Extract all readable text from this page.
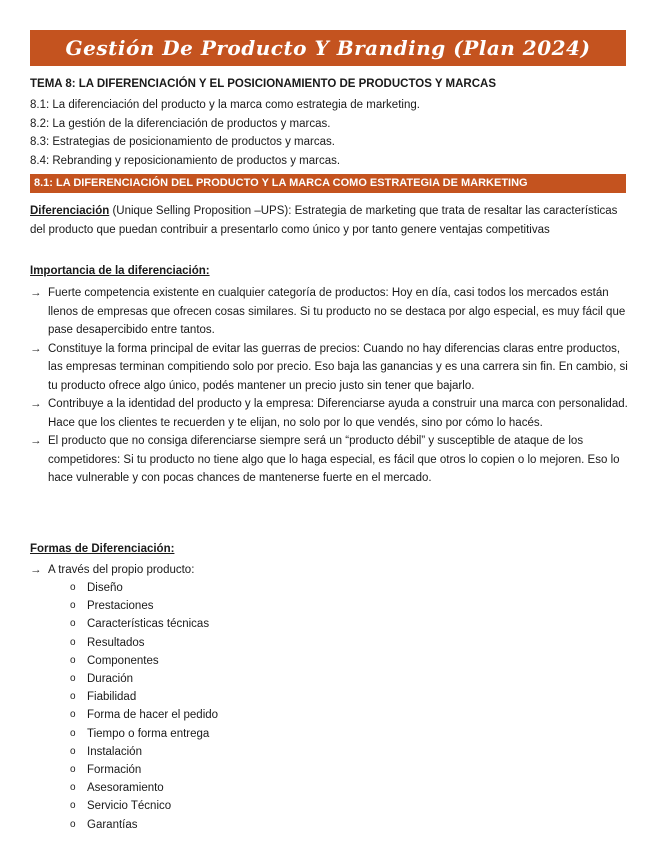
Gestión De Producto Y Branding (Plan 2024)
TEMA 8: LA DIFERENCIACIÓN Y EL POSICIONAMIENTO DE PRODUCTOS Y MARCAS
8.1: La diferenciación del producto y la marca como estrategia de marketing.
8.2: La gestión de la diferenciación de productos y marcas.
8.3: Estrategias de posicionamiento de productos y marcas.
8.4: Rebranding y reposicionamiento de productos y marcas.
8.1: LA DIFERENCIACIÓN DEL PRODUCTO Y LA MARCA COMO ESTRATEGIA DE MARKETING
Diferenciación (Unique Selling Proposition –UPS): Estrategia de marketing que trata de resaltar las características del producto que puedan contribuir a presentarlo como único y por tanto genere ventajas competitivas
Importancia de la diferenciación:
→ Fuerte competencia existente en cualquier categoría de productos: Hoy en día, casi todos los mercados están llenos de empresas que ofrecen cosas similares. Si tu producto no se destaca por algo especial, es muy fácil que pase desapercibido entre tantos.
→ Constituye la forma principal de evitar las guerras de precios: Cuando no hay diferencias claras entre productos, las empresas terminan compitiendo solo por precio. Eso baja las ganancias y es una carrera sin fin. En cambio, si tu producto ofrece algo único, podés mantener un precio justo sin tener que bajarlo.
→ Contribuye a la identidad del producto y la empresa: Diferenciarse ayuda a construir una marca con personalidad. Hace que los clientes te recuerden y te elijan, no solo por lo que vendés, sino por cómo lo hacés.
→ El producto que no consiga diferenciarse siempre será un “producto débil” y susceptible de ataque de los competidores: Si tu producto no tiene algo que lo haga especial, es fácil que otros lo copien o lo mejoren. Eso lo hace vulnerable y con pocas chances de mantenerse fuerte en el mercado.
Formas de Diferenciación:
→ A través del propio producto:
o Diseño
o Prestaciones
o Características técnicas
o Resultados
o Componentes
o Duración
o Fiabilidad
o Forma de hacer el pedido
o Tiempo o forma entrega
o Instalación
o Formación
o Asesoramiento
o Servicio Técnico
o Garantías
